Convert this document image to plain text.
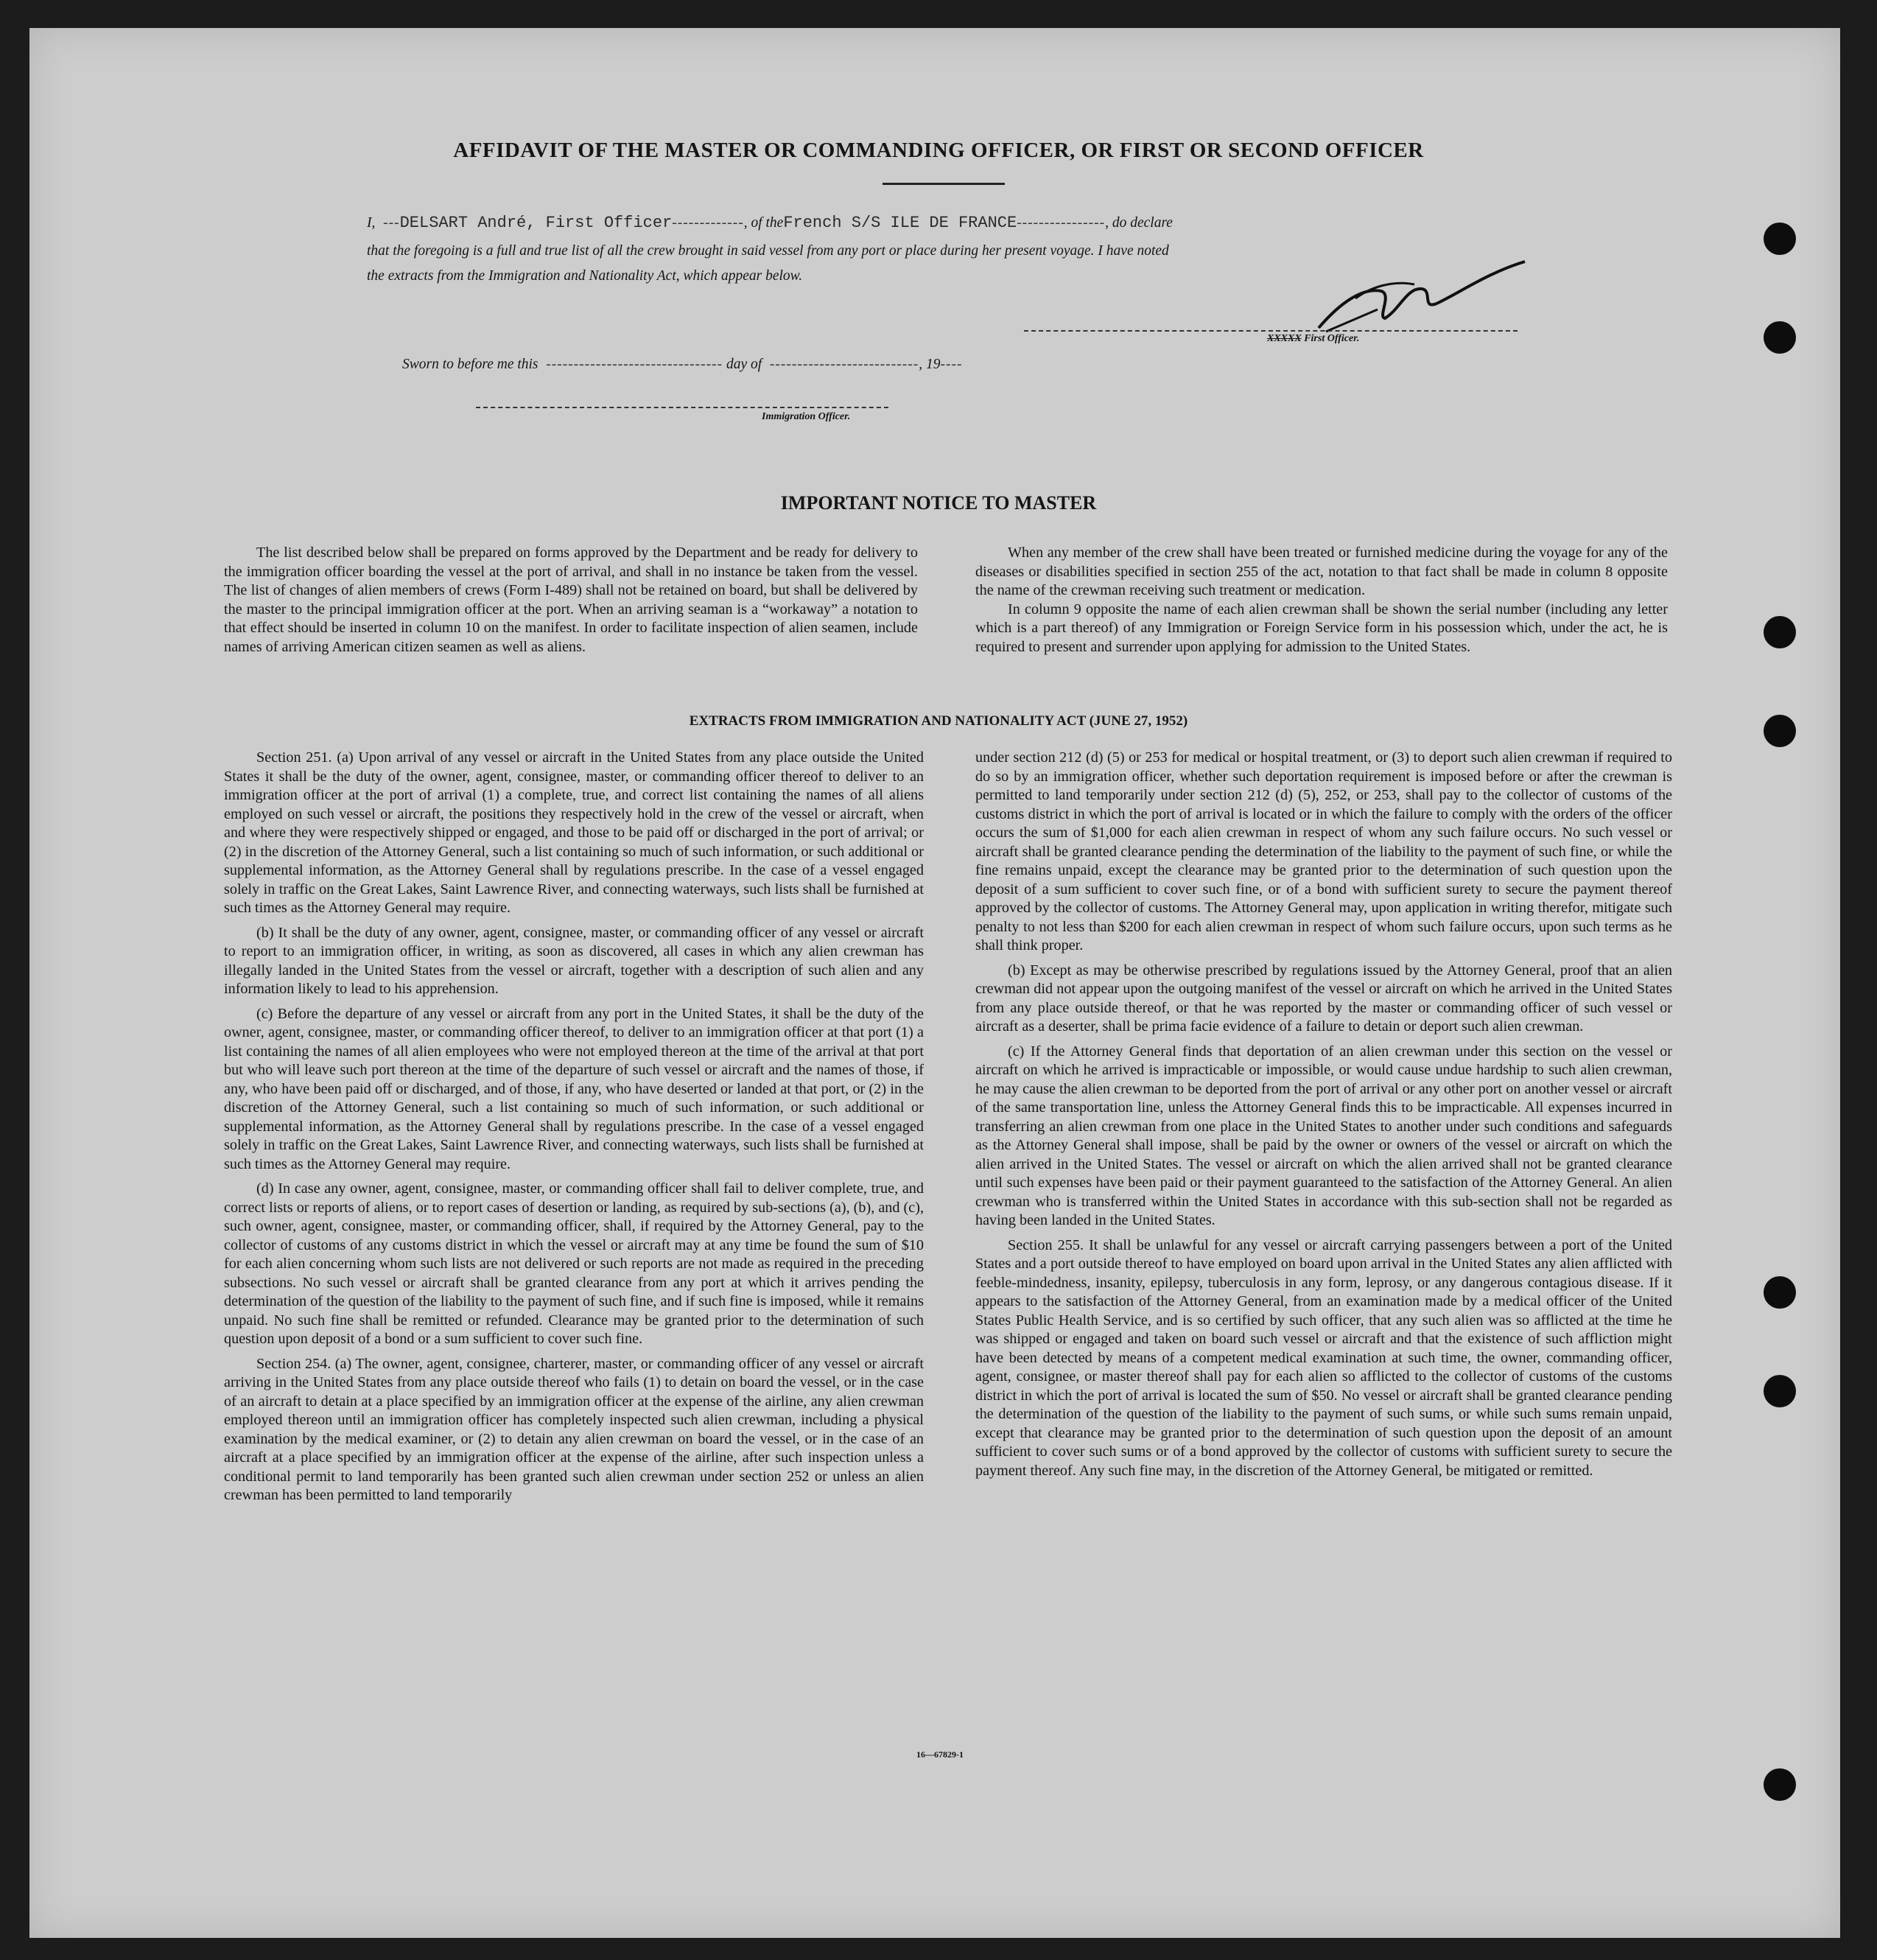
AFFIDAVIT OF THE MASTER OR COMMANDING OFFICER, OR FIRST OR SECOND OFFICER
I,  ---DELSART André, First Officer-------------, of theFrench S/S ILE DE FRANCE----------------, do declare
that the foregoing is a full and true list of all the crew brought in said vessel from any port or place during her present voyage. I have noted
the extracts from the Immigration and Nationality Act, which appear below.
XXXXX First Officer.
Sworn to before me this  -------------------------------- day of  ---------------------------, 19----
Immigration Officer.
IMPORTANT NOTICE TO MASTER

The list described below shall be prepared on forms approved by the Department and be ready for delivery to the immigration officer boarding the vessel at the port of arrival, and shall in no instance be taken from the vessel. The list of changes of alien members of crews (Form I-489) shall not be retained on board, but shall be delivered by the master to the principal immigration officer at the port. When an arriving seaman is a “workaway” a notation to that effect should be inserted in column 10 on the manifest. In order to facilitate inspection of alien seamen, include names of arriving American citizen seamen as well as aliens.

When any member of the crew shall have been treated or furnished medicine during the voyage for any of the diseases or disabilities specified in section 255 of the act, notation to that fact shall be made in column 8 opposite the name of the crewman receiving such treatment or medication.

In column 9 opposite the name of each alien crewman shall be shown the serial number (including any letter which is a part thereof) of any Immigration or Foreign Service form in his possession which, under the act, he is required to present and surrender upon applying for admission to the United States.

EXTRACTS FROM IMMIGRATION AND NATIONALITY ACT (JUNE 27, 1952)

Section 251. (a) Upon arrival of any vessel or aircraft in the United States from any place outside the United States it shall be the duty of the owner, agent, consignee, master, or commanding officer thereof to deliver to an immigration officer at the port of arrival (1) a complete, true, and correct list containing the names of all aliens employed on such vessel or aircraft, the positions they respectively hold in the crew of the vessel or aircraft, when and where they were respectively shipped or engaged, and those to be paid off or discharged in the port of arrival; or (2) in the discretion of the Attorney General, such a list containing so much of such information, or such additional or supplemental information, as the Attorney General shall by regulations prescribe. In the case of a vessel engaged solely in traffic on the Great Lakes, Saint Lawrence River, and connecting waterways, such lists shall be furnished at such times as the Attorney General may require.

(b) It shall be the duty of any owner, agent, consignee, master, or commanding officer of any vessel or aircraft to report to an immigration officer, in writing, as soon as discovered, all cases in which any alien crewman has illegally landed in the United States from the vessel or aircraft, together with a description of such alien and any information likely to lead to his apprehension.

(c) Before the departure of any vessel or aircraft from any port in the United States, it shall be the duty of the owner, agent, consignee, master, or commanding officer thereof, to deliver to an immigration officer at that port (1) a list containing the names of all alien employees who were not employed thereon at the time of the arrival at that port but who will leave such port thereon at the time of the departure of such vessel or aircraft and the names of those, if any, who have been paid off or discharged, and of those, if any, who have deserted or landed at that port, or (2) in the discretion of the Attorney General, such a list containing so much of such information, or such additional or supplemental information, as the Attorney General shall by regulations prescribe. In the case of a vessel engaged solely in traffic on the Great Lakes, Saint Lawrence River, and connecting waterways, such lists shall be furnished at such times as the Attorney General may require.

(d) In case any owner, agent, consignee, master, or commanding officer shall fail to deliver complete, true, and correct lists or reports of aliens, or to report cases of desertion or landing, as required by sub-sections (a), (b), and (c), such owner, agent, consignee, master, or commanding officer, shall, if required by the Attorney General, pay to the collector of customs of any customs district in which the vessel or aircraft may at any time be found the sum of $10 for each alien concerning whom such lists are not delivered or such reports are not made as required in the preceding subsections. No such vessel or aircraft shall be granted clearance from any port at which it arrives pending the determination of the question of the liability to the payment of such fine, and if such fine is imposed, while it remains unpaid. No such fine shall be remitted or refunded. Clearance may be granted prior to the determination of such question upon deposit of a bond or a sum sufficient to cover such fine.

Section 254. (a) The owner, agent, consignee, charterer, master, or commanding officer of any vessel or aircraft arriving in the United States from any place outside thereof who fails (1) to detain on board the vessel, or in the case of an aircraft to detain at a place specified by an immigration officer at the expense of the airline, any alien crewman employed thereon until an immigration officer has completely inspected such alien crewman, including a physical examination by the medical examiner, or (2) to detain any alien crewman on board the vessel, or in the case of an aircraft at a place specified by an immigration officer at the expense of the airline, after such inspection unless a conditional permit to land temporarily has been granted such alien crewman under section 252 or unless an alien crewman has been permitted to land temporarily

under section 212 (d) (5) or 253 for medical or hospital treatment, or (3) to deport such alien crewman if required to do so by an immigration officer, whether such deportation requirement is imposed before or after the crewman is permitted to land temporarily under section 212 (d) (5), 252, or 253, shall pay to the collector of customs of the customs district in which the port of arrival is located or in which the failure to comply with the orders of the officer occurs the sum of $1,000 for each alien crewman in respect of whom any such failure occurs. No such vessel or aircraft shall be granted clearance pending the determination of the liability to the payment of such fine, or while the fine remains unpaid, except the clearance may be granted prior to the determination of such question upon the deposit of a sum sufficient to cover such fine, or of a bond with sufficient surety to secure the payment thereof approved by the collector of customs. The Attorney General may, upon application in writing therefor, mitigate such penalty to not less than $200 for each alien crewman in respect of whom such failure occurs, upon such terms as he shall think proper.

(b) Except as may be otherwise prescribed by regulations issued by the Attorney General, proof that an alien crewman did not appear upon the outgoing manifest of the vessel or aircraft on which he arrived in the United States from any place outside thereof, or that he was reported by the master or commanding officer of such vessel or aircraft as a deserter, shall be prima facie evidence of a failure to detain or deport such alien crewman.

(c) If the Attorney General finds that deportation of an alien crewman under this section on the vessel or aircraft on which he arrived is impracticable or impossible, or would cause undue hardship to such alien crewman, he may cause the alien crewman to be deported from the port of arrival or any other port on another vessel or aircraft of the same transportation line, unless the Attorney General finds this to be impracticable. All expenses incurred in transferring an alien crewman from one place in the United States to another under such conditions and safeguards as the Attorney General shall impose, shall be paid by the owner or owners of the vessel or aircraft on which the alien arrived in the United States. The vessel or aircraft on which the alien arrived shall not be granted clearance until such expenses have been paid or their payment guaranteed to the satisfaction of the Attorney General. An alien crewman who is transferred within the United States in accordance with this sub-section shall not be regarded as having been landed in the United States.

Section 255. It shall be unlawful for any vessel or aircraft carrying passengers between a port of the United States and a port outside thereof to have employed on board upon arrival in the United States any alien afflicted with feeble-mindedness, insanity, epilepsy, tuberculosis in any form, leprosy, or any dangerous contagious disease. If it appears to the satisfaction of the Attorney General, from an examination made by a medical officer of the United States Public Health Service, and is so certified by such officer, that any such alien was so afflicted at the time he was shipped or engaged and taken on board such vessel or aircraft and that the existence of such affliction might have been detected by means of a competent medical examination at such time, the owner, commanding officer, agent, consignee, or master thereof shall pay for each alien so afflicted to the collector of customs of the customs district in which the port of arrival is located the sum of $50. No vessel or aircraft shall be granted clearance pending the determination of the question of the liability to the payment of such sums, or while such sums remain unpaid, except that clearance may be granted prior to the determination of such question upon the deposit of an amount sufficient to cover such sums or of a bond approved by the collector of customs with sufficient surety to secure the payment thereof. Any such fine may, in the discretion of the Attorney General, be mitigated or remitted.

16—67829-1
